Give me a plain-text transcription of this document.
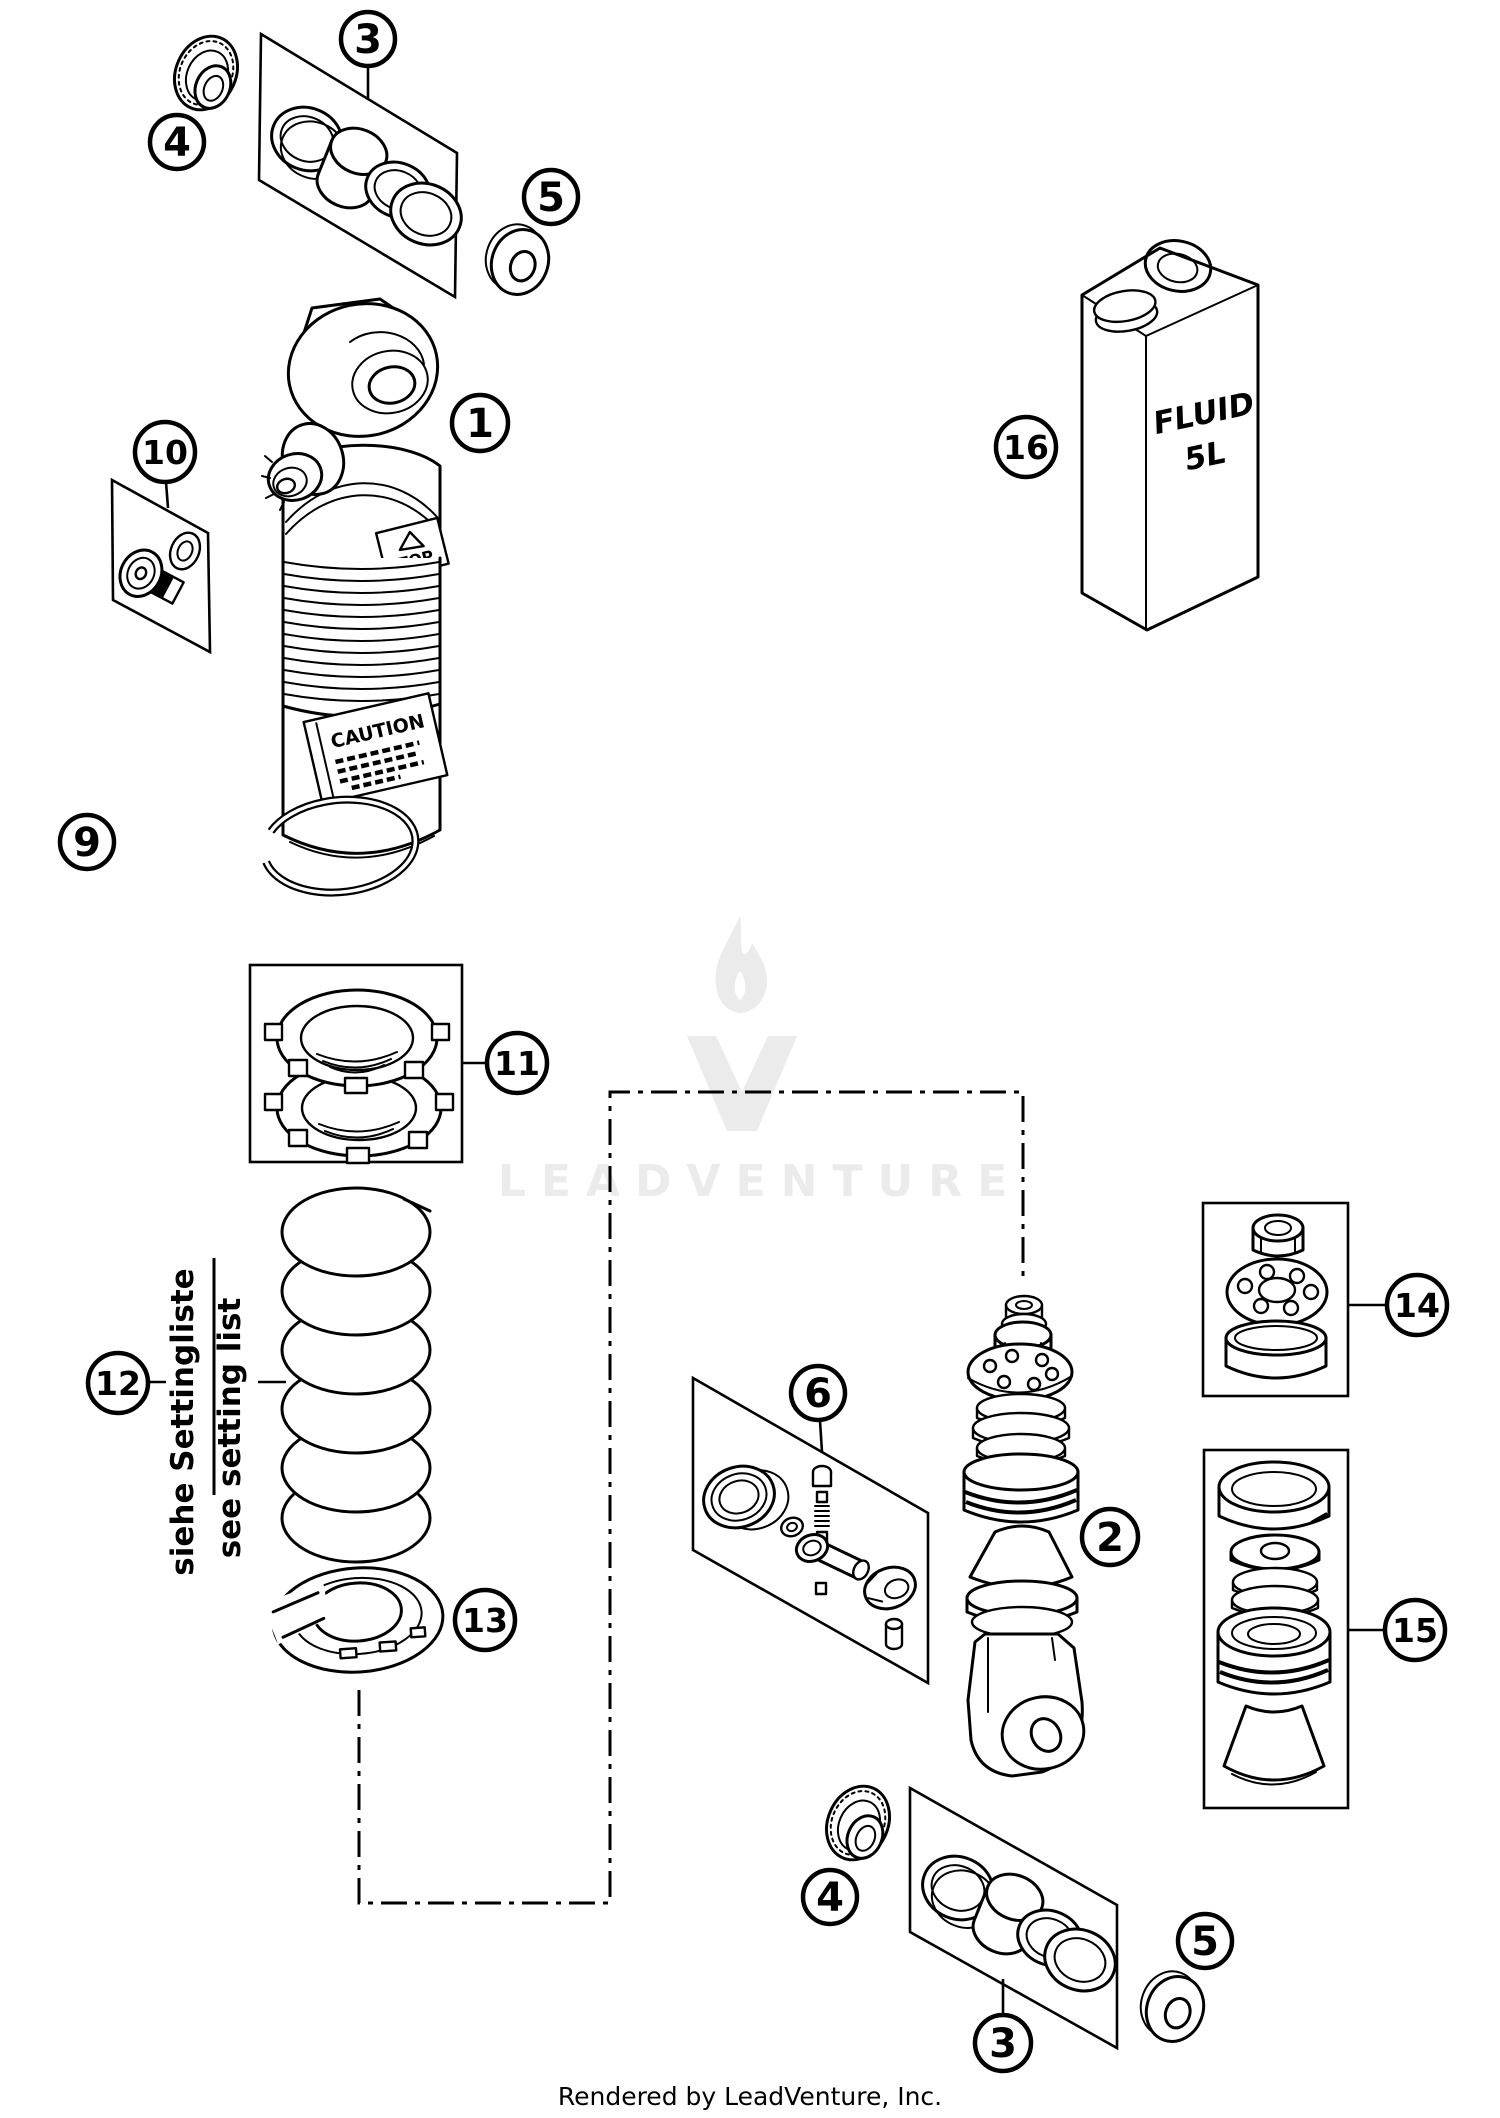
LEADVENTURE
CAUTION
FLUID
5L
siehe Settingliste see setting list
4
3
5
1
10
9
16
11
12
13
6
2
14
15
4
3
5
Rendered by LeadVenture, Inc.
